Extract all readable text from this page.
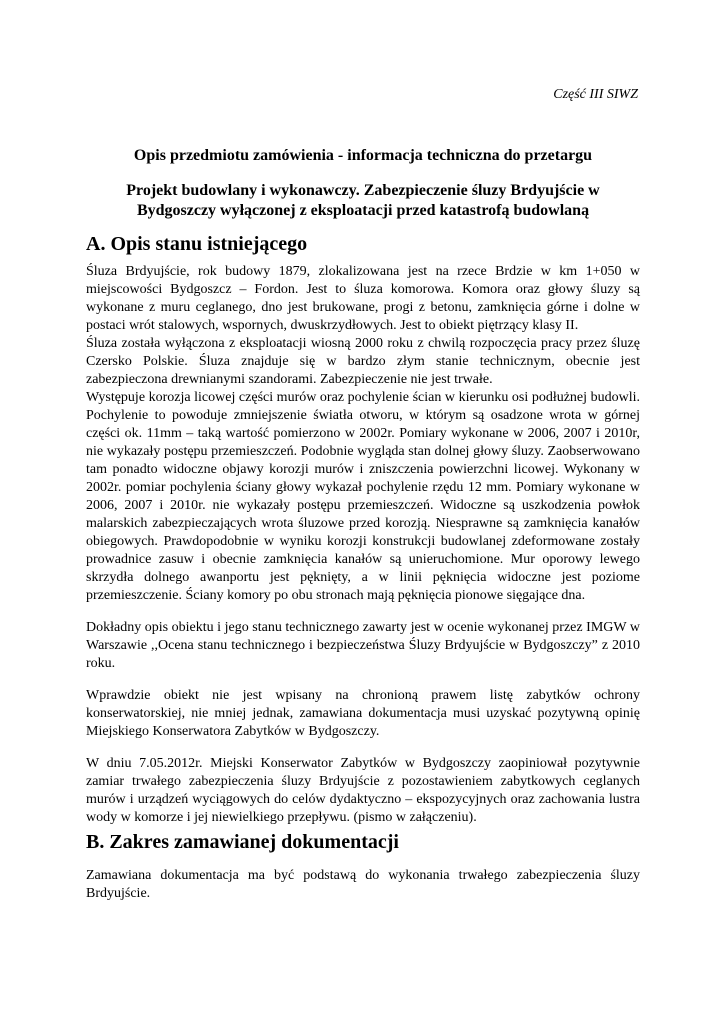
Część III SIWZ

Opis przedmiotu zamówienia - informacja techniczna do przetargu

Projekt budowlany i wykonawczy. Zabezpieczenie śluzy Brdyujście w Bydgoszczy wyłączonej z eksploatacji przed katastrofą budowlaną

A. Opis stanu istniejącego

Śluza Brdyujście, rok budowy 1879, zlokalizowana jest na rzece Brdzie w km 1+050 w miejscowości Bydgoszcz – Fordon. Jest to śluza komorowa. Komora oraz głowy śluzy są wykonane z muru ceglanego, dno jest brukowane, progi z betonu, zamknięcia górne i dolne w postaci wrót stalowych, wspornych, dwuskrzydłowych. Jest to obiekt piętrzący klasy II.

Śluza została wyłączona z eksploatacji wiosną 2000 roku z chwilą rozpoczęcia pracy przez śluzę Czersko Polskie. Śluza znajduje się w bardzo złym stanie technicznym, obecnie jest zabezpieczona drewnianymi szandorami. Zabezpieczenie nie jest trwałe.

Występuje korozja licowej części murów oraz pochylenie ścian w kierunku osi podłużnej budowli. Pochylenie to powoduje zmniejszenie światła otworu, w którym są osadzone wrota w górnej części ok. 11mm – taką wartość pomierzono w 2002r. Pomiary wykonane w 2006, 2007 i 2010r, nie wykazały postępu przemieszczeń. Podobnie wygląda stan dolnej głowy śluzy. Zaobserwowano tam ponadto widoczne objawy korozji murów i zniszczenia powierzchni licowej. Wykonany w 2002r. pomiar pochylenia ściany głowy wykazał pochylenie rzędu 12 mm. Pomiary wykonane w 2006, 2007 i 2010r. nie wykazały postępu przemieszczeń. Widoczne są uszkodzenia powłok malarskich zabezpieczających wrota śluzowe przed korozją. Niesprawne są zamknięcia kanałów obiegowych. Prawdopodobnie w wyniku korozji konstrukcji budowlanej zdeformowane zostały prowadnice zasuw i obecnie zamknięcia kanałów są unieruchomione. Mur oporowy lewego skrzydła dolnego awanportu jest pęknięty, a w linii pęknięcia widoczne jest poziome przemieszczenie. Ściany komory po obu stronach mają pęknięcia pionowe sięgające dna.

Dokładny opis obiektu i jego stanu technicznego zawarty jest w ocenie wykonanej przez IMGW w Warszawie ,,Ocena stanu technicznego i bezpieczeństwa Śluzy Brdyujście w Bydgoszczy” z 2010 roku.

Wprawdzie obiekt nie jest wpisany na chronioną prawem listę zabytków ochrony konserwatorskiej, nie mniej jednak, zamawiana dokumentacja musi uzyskać pozytywną opinię Miejskiego Konserwatora Zabytków w Bydgoszczy.

W dniu 7.05.2012r. Miejski Konserwator Zabytków w Bydgoszczy zaopiniował pozytywnie zamiar trwałego zabezpieczenia śluzy Brdyujście z pozostawieniem zabytkowych ceglanych murów i urządzeń wyciągowych do celów dydaktyczno – ekspozycyjnych oraz zachowania lustra wody w komorze i jej niewielkiego przepływu. (pismo w załączeniu).

B. Zakres zamawianej dokumentacji

Zamawiana dokumentacja ma być podstawą do wykonania trwałego zabezpieczenia śluzy Brdyujście.
